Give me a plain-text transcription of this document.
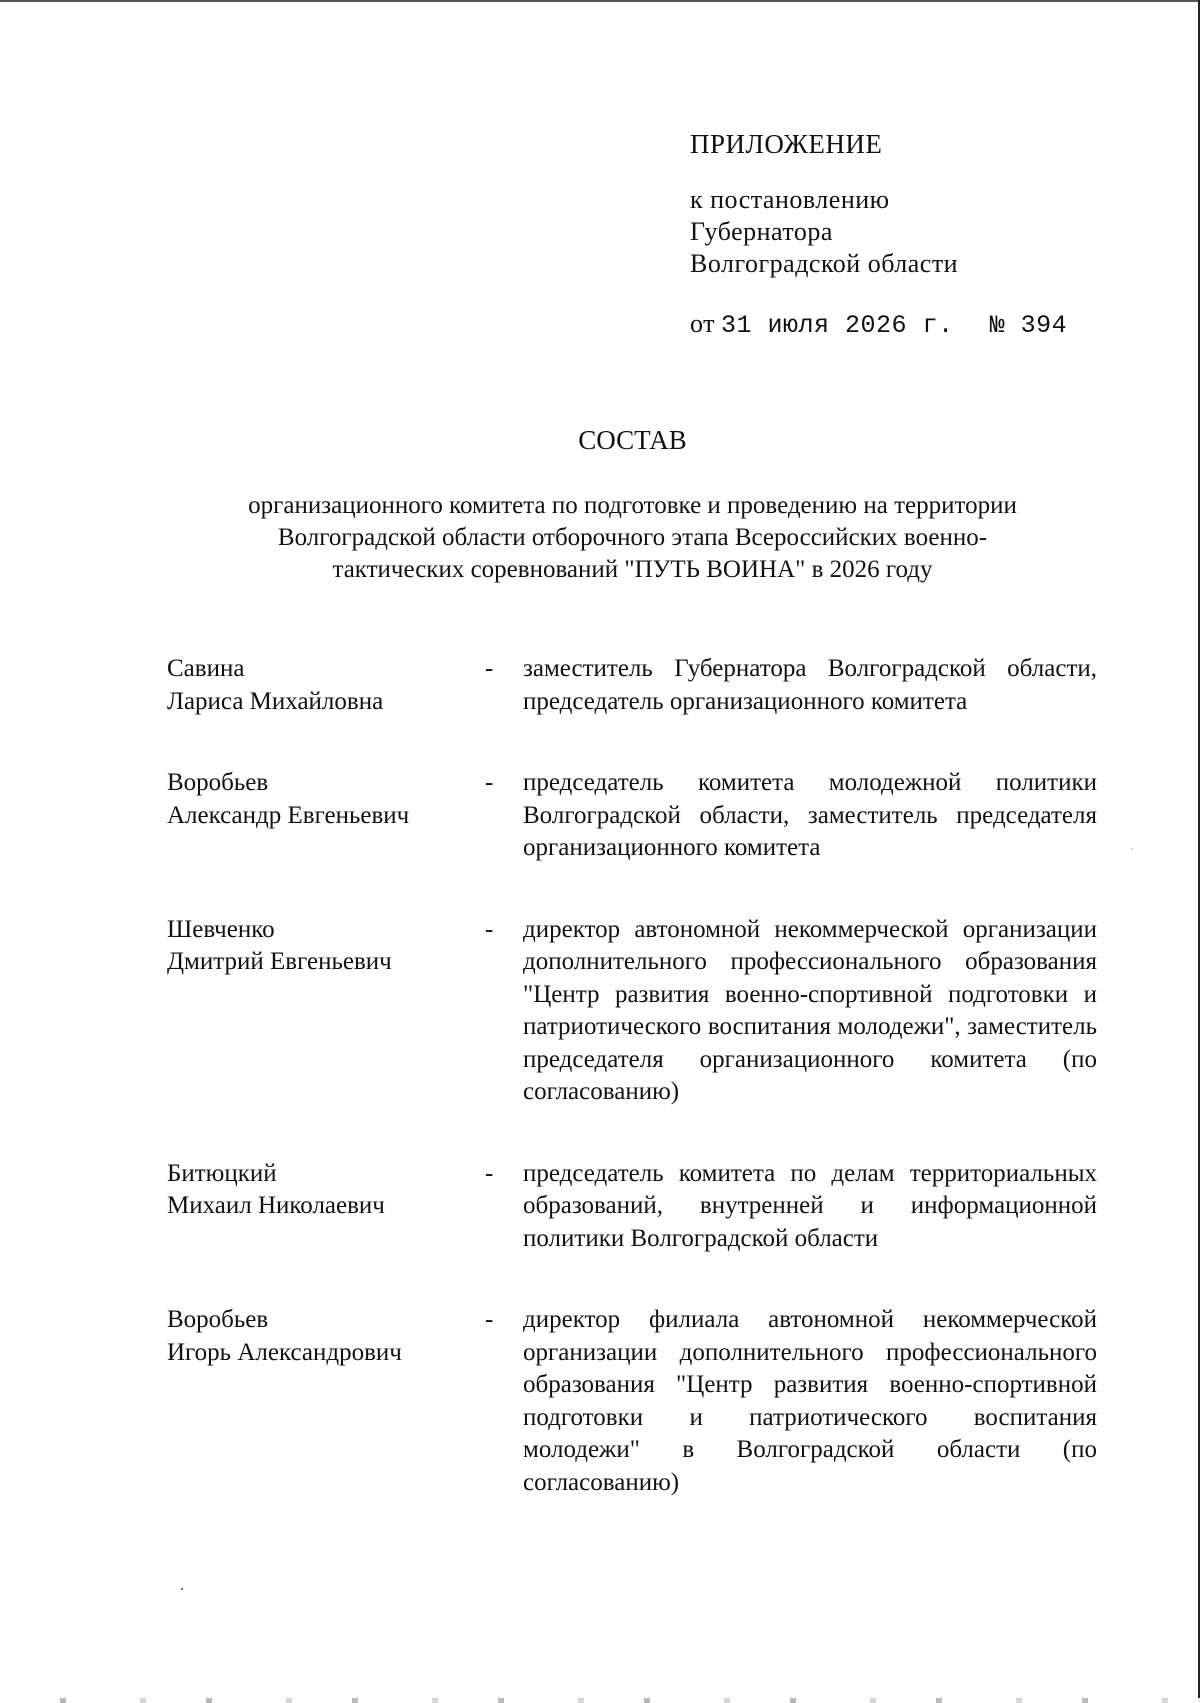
ПРИЛОЖЕНИЕ
к постановлению
Губернатора
Волгоградской области
от 31 июля 2026 г. № 394
СОСТАВ
организационного комитета по подготовке и проведению на территории
Волгоградской области отборочного этапа Всероссийских военно-
тактических соревнований "ПУТЬ ВОИНА" в 2026 году
Савина
Лариса Михайловна
-	заместитель Губернатора Волгоградской области, председатель организационного комитета
Воробьев
Александр Евгеньевич
-	председатель комитета молодежной политики Волгоградской области, заместитель председателя организационного комитета
Шевченко
Дмитрий Евгеньевич
-	директор автономной некоммерческой организации дополнительного профессионального образования "Центр развития военно-спортивной подготовки и патриотического воспитания молодежи", заместитель председателя организационного комитета (по согласованию)
Битюцкий
Михаил Николаевич
-	председатель комитета по делам территориальных образований, внутренней и информационной политики Волгоградской области
Воробьев
Игорь Александрович
-	директор филиала автономной некоммерческой организации дополнительного профессионального образования "Центр развития военно-спортивной подготовки и патриотического воспитания молодежи" в Волгоградской области (по согласованию)
